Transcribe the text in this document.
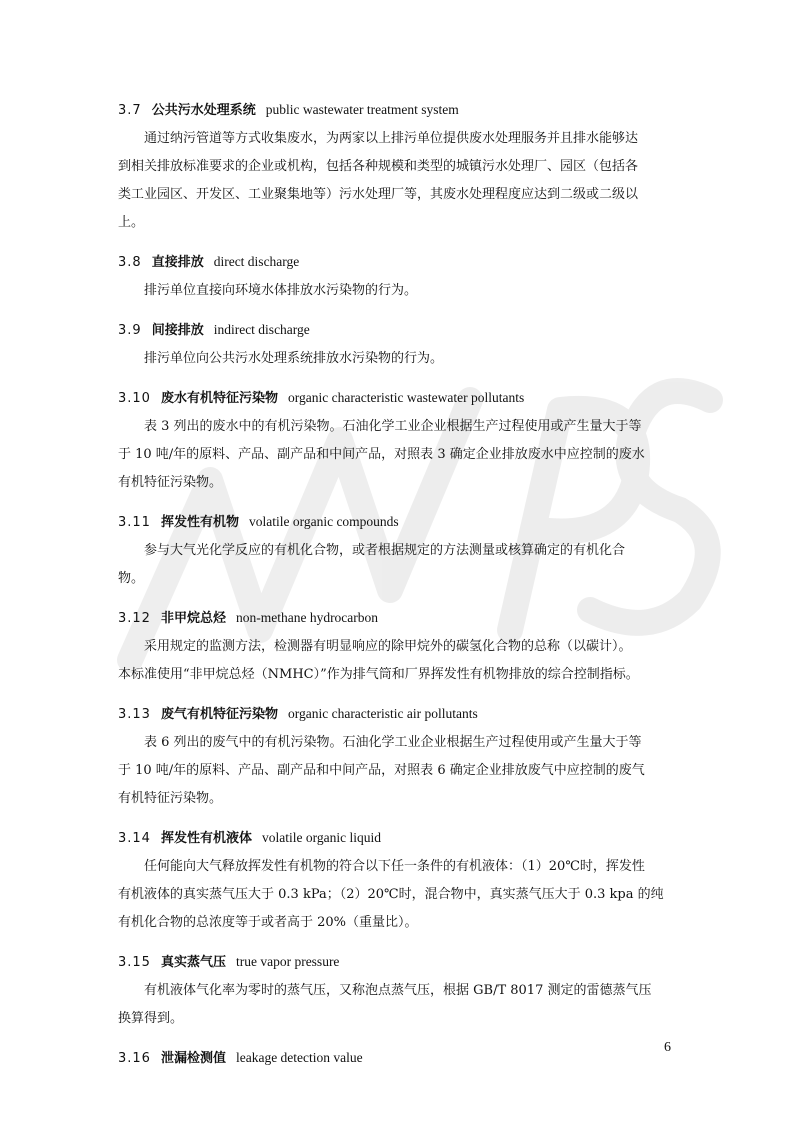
3.7 公共污水处理系统 public wastewater treatment system

通过纳污管道等方式收集废水，为两家以上排污单位提供废水处理服务并且排水能够达

到相关排放标准要求的企业或机构，包括各种规模和类型的城镇污水处理厂、园区（包括各

类工业园区、开发区、工业聚集地等）污水处理厂等，其废水处理程度应达到二级或二级以

上。

3.8 直接排放 direct discharge

排污单位直接向环境水体排放水污染物的行为。

3.9 间接排放 indirect discharge

排污单位向公共污水处理系统排放水污染物的行为。

3.10 废水有机特征污染物 organic characteristic wastewater pollutants

表 3 列出的废水中的有机污染物。石油化学工业企业根据生产过程使用或产生量大于等

于 10 吨/年的原料、产品、副产品和中间产品，对照表 3 确定企业排放废水中应控制的废水

有机特征污染物。

3.11 挥发性有机物 volatile organic compounds

参与大气光化学反应的有机化合物，或者根据规定的方法测量或核算确定的有机化合

物。

3.12 非甲烷总烃 non-methane hydrocarbon

采用规定的监测方法，检测器有明显响应的除甲烷外的碳氢化合物的总称（以碳计）。

本标准使用“非甲烷总烃（NMHC）”作为排气筒和厂界挥发性有机物排放的综合控制指标。

3.13 废气有机特征污染物 organic characteristic air pollutants

表 6 列出的废气中的有机污染物。石油化学工业企业根据生产过程使用或产生量大于等

于 10 吨/年的原料、产品、副产品和中间产品，对照表 6 确定企业排放废气中应控制的废气

有机特征污染物。

3.14 挥发性有机液体 volatile organic liquid

任何能向大气释放挥发性有机物的符合以下任一条件的有机液体：（1）20℃时，挥发性

有机液体的真实蒸气压大于 0.3 kPa；（2）20℃时，混合物中，真实蒸气压大于 0.3 kpa 的纯

有机化合物的总浓度等于或者高于 20%（重量比）。

3.15 真实蒸气压 true vapor pressure

有机液体气化率为零时的蒸气压，又称泡点蒸气压，根据 GB/T 8017 测定的雷德蒸气压

换算得到。

3.16 泄漏检测值 leakage detection value

6
